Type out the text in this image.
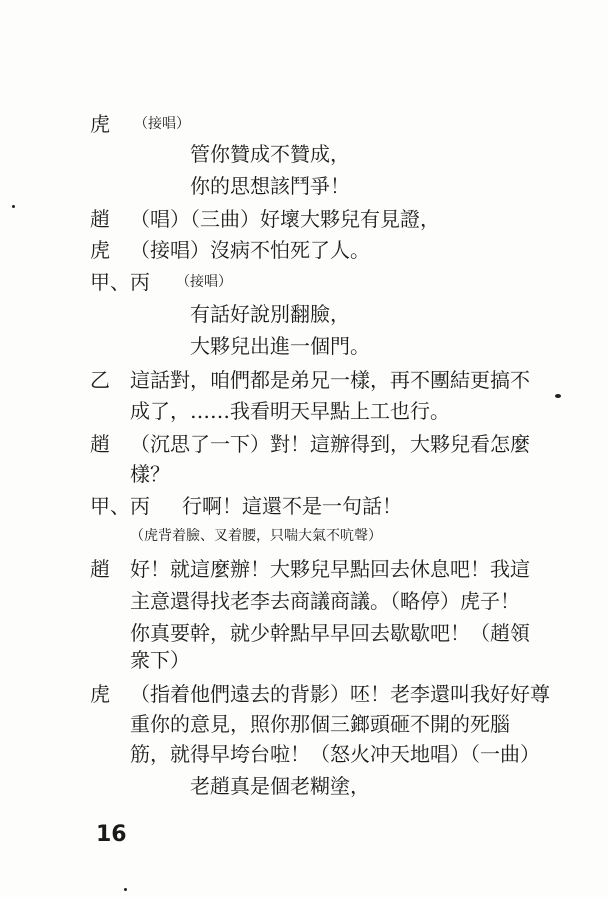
虎 （接唱）
管你贊成不贊成，
你的思想該鬥爭！
趙 （唱）（三曲）好壞大夥兒有見證，
虎 （接唱）沒病不怕死了人。
甲、丙 （接唱）
有話好說別翻臉，
大夥兒出進一個門。
乙 這話對，咱們都是弟兄一樣，再不團結更搞不
成了，……我看明天早點上工也行。
趙 （沉思了一下）對！這辦得到，大夥兒看怎麼
樣？
甲、丙 行啊！這還不是一句話！
（虎背着臉、叉着腰，只喘大氣不吭聲）
趙 好！就這麼辦！大夥兒早點回去休息吧！我這
主意還得找老李去商議商議。（略停）虎子！
你真要幹，就少幹點早早回去歇歇吧！（趙領
衆下）
虎 （指着他們遠去的背影）呸！老李還叫我好好尊
重你的意見，照你那個三鎯頭砸不開的死腦
筋，就得早垮台啦！（怒火冲天地唱）（一曲）
老趙真是個老糊塗，
16
